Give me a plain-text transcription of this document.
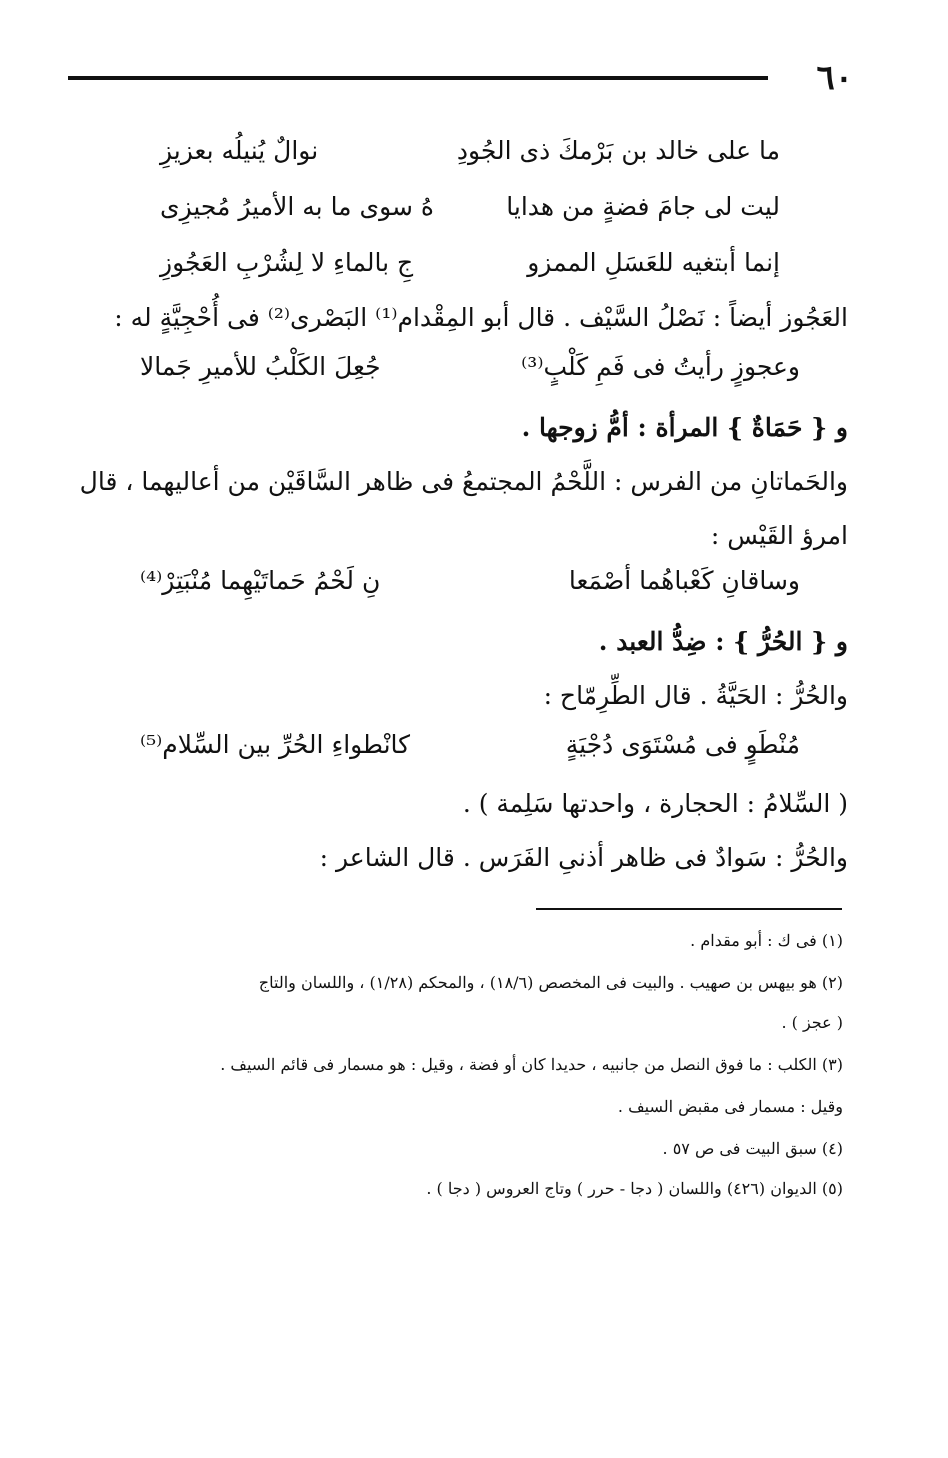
٦٠
ما على خالد بن بَرْمكَ ذى الجُودِ
نوالٌ يُنيلُه بعزيزِ
ليت لى جامَ فضةٍ من هدايا
هُ سوى ما به الأميرُ مُجيزِى
إنما أبتغيه للعَسَلِ الممزو
جِ بالماءِ لا لِشُرْبِ العَجُوزِ
العَجُوز أيضاً : نَصْلُ السَّيْف . قال أبو المِقْدام⁽¹⁾ البَصْرى⁽²⁾ فى أُحْجِيَّةٍ له :
وعجوزٍ رأيتُ فى فَمِ كَلْبٍ⁽³⁾
جُعِلَ الكَلْبُ للأميرِ جَمالا
و { حَمَاةٌ } المرأة : أمُّ زوجها .
والحَماتانِ من الفرس : اللَّحْمُ المجتمعُ فى ظاهر السَّاقَيْن من أعاليهما ، قال
امرؤ القَيْس :
وساقانِ كَعْباهُما أصْمَعا
نِ لَحْمُ حَماتَيْهِما مُنْبَتِرْ⁽⁴⁾
و { الحُرُّ } : ضِدُّ العبد .
والحُرُّ : الحَيَّةُ . قال الطِّرِمّاح :
مُنْطَوٍ فى مُسْتَوَى دُجْيَةٍ
كانْطواءِ الحُرِّ بين السِّلام⁽⁵⁾
( السِّلامُ : الحجارة ، واحدتها سَلِمة ) .
والحُرُّ : سَوادٌ فى ظاهر أذنىِ الفَرَس . قال الشاعر :
(١) فى ك : أبو مقدام .
(٢) هو بيهس بن صهيب . والبيت فى المخصص (١٨/٦) ، والمحكم (١/٢٨) ، واللسان والتاج
( عجز ) .
(٣) الكلب : ما فوق النصل من جانبيه ، حديدا كان أو فضة ، وقيل : هو مسمار فى قائم السيف .
وقيل : مسمار فى مقبض السيف .
(٤) سبق البيت فى ص ٥٧ .
(٥) الديوان (٤٢٦) واللسان ( دجا - حرر ) وتاج العروس ( دجا ) .
